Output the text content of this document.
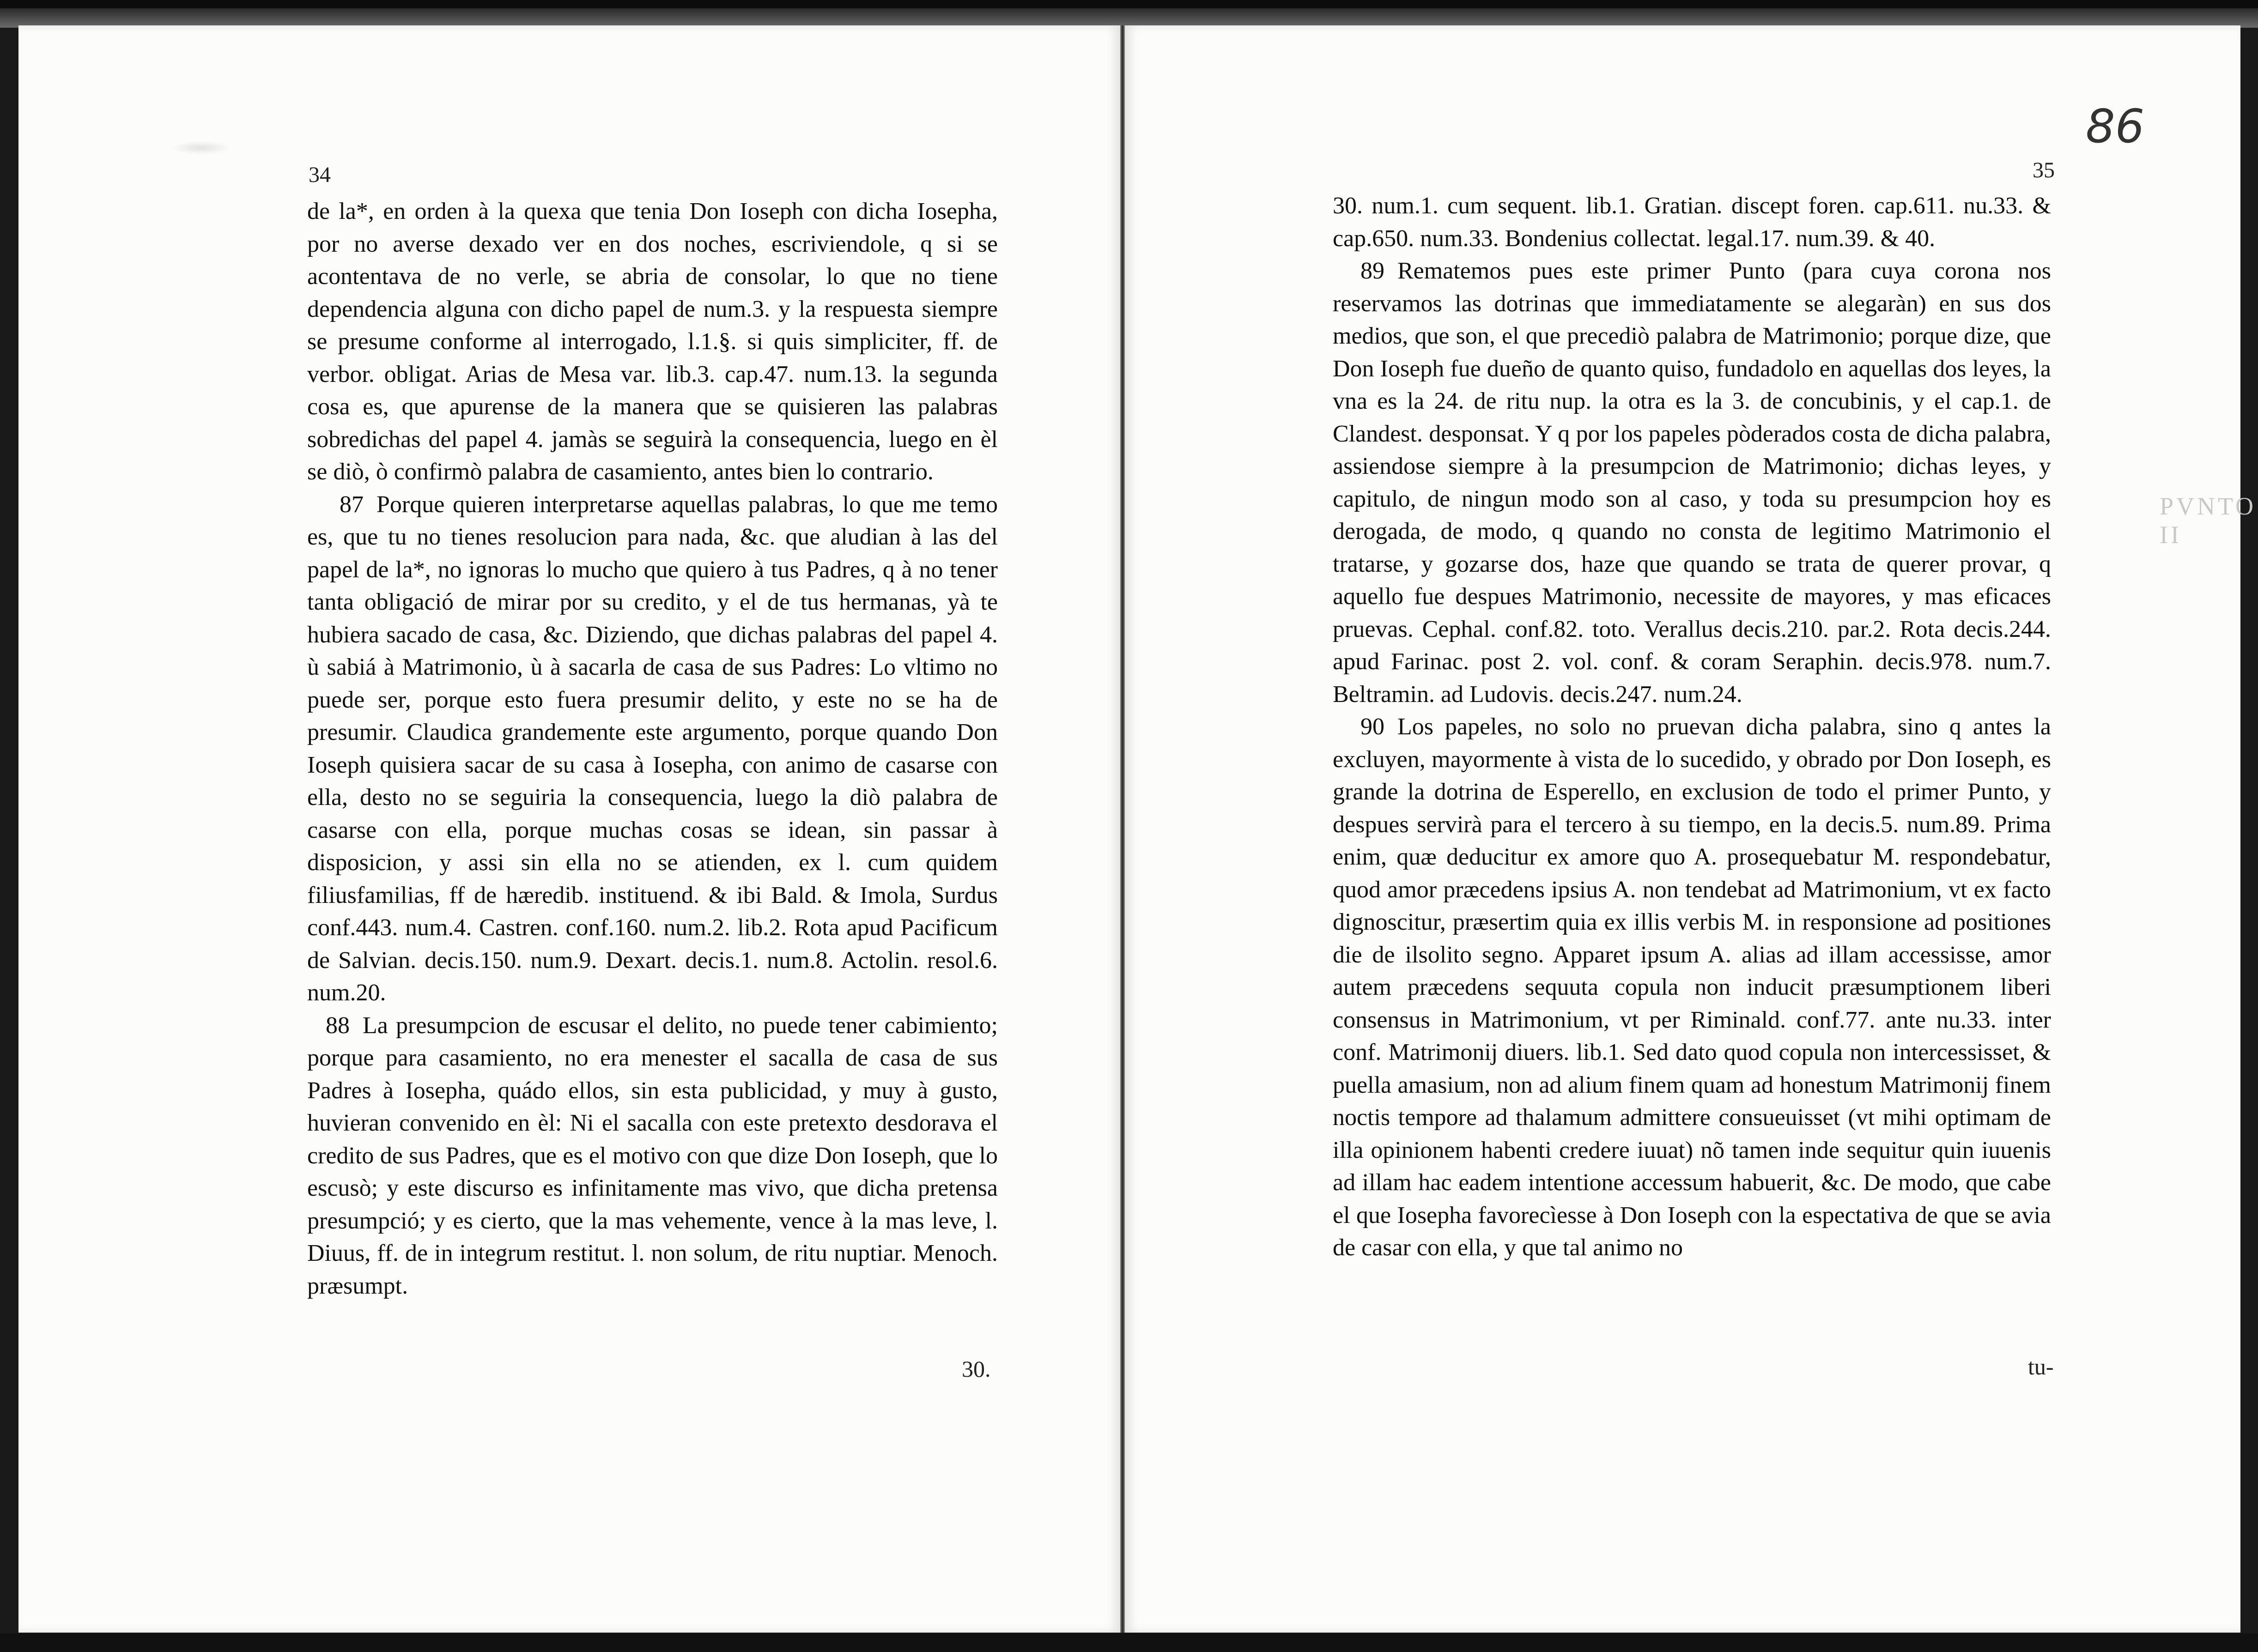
34

de la*, en orden à la quexa que tenia Don Ioseph con dicha Iosepha, por no averse dexado ver en dos noches, escriviendole, q si se acontentava de no verle, se abria de consolar, lo que no tiene dependencia alguna con dicho papel de num.3. y la respuesta siempre se presume conforme al interrogado, l.1.§. si quis simpliciter, ff. de verbor. obligat. Arias de Mesa var. lib.3. cap.47. num.13. la segunda cosa es, que apurense de la manera que se quisieren las palabras sobredichas del papel 4. jamàs se seguirà la consequencia, luego en èl se diò, ò confirmò palabra de casamiento, antes bien lo contrario.

87 Porque quieren interpretarse aquellas palabras, lo que me temo es, que tu no tienes resolucion para nada, &c. que aludian à las del papel de la*, no ignoras lo mucho que quiero à tus Padres, q à no tener tanta obligació de mirar por su credito, y el de tus hermanas, yà te hubiera sacado de casa, &c. Diziendo, que dichas palabras del papel 4. ù sabiá à Matrimonio, ù à sacarla de casa de sus Padres: Lo vltimo no puede ser, porque esto fuera presumir delito, y este no se ha de presumir. Claudica grandemente este argumento, porque quando Don Ioseph quisiera sacar de su casa à Iosepha, con animo de casarse con ella, desto no se seguiria la consequencia, luego la diò palabra de casarse con ella, porque muchas cosas se idean, sin passar à disposicion, y assi sin ella no se atienden, ex l. cum quidem filiusfamilias, ff de hæredib. instituend. & ibi Bald. & Imola, Surdus conf.443. num.4. Castren. conf.160. num.2. lib.2. Rota apud Pacificum de Salvian. decis.150. num.9. Dexart. decis.1. num.8. Actolin. resol.6. num.20.

88 La presumpcion de escusar el delito, no puede tener cabimiento; porque para casamiento, no era menester el sacalla de casa de sus Padres à Iosepha, quádo ellos, sin esta publicidad, y muy à gusto, huvieran convenido en èl: Ni el sacalla con este pretexto desdorava el credito de sus Padres, que es el motivo con que dize Don Ioseph, que lo escusò; y este discurso es infinitamente mas vivo, que dicha pretensa presumpció; y es cierto, que la mas vehemente, vence à la mas leve, l. Diuus, ff. de in integrum restitut. l. non solum, de ritu nuptiar. Menoch. præsumpt.

30.
35
86
PVNTO II

30. num.1. cum sequent. lib.1. Gratian. discept foren. cap.611. nu.33. & cap.650. num.33. Bondenius collectat. legal.17. num.39. & 40.

89 Rematemos pues este primer Punto (para cuya corona nos reservamos las dotrinas que immediatamente se alegaràn) en sus dos medios, que son, el que precediò palabra de Matrimonio; porque dize, que Don Ioseph fue dueño de quanto quiso, fundadolo en aquellas dos leyes, la vna es la 24. de ritu nup. la otra es la 3. de concubinis, y el cap.1. de Clandest. desponsat. Y q por los papeles pòderados costa de dicha palabra, assiendose siempre à la presumpcion de Matrimonio; dichas leyes, y capitulo, de ningun modo son al caso, y toda su presumpcion hoy es derogada, de modo, q quando no consta de legitimo Matrimonio el tratarse, y gozarse dos, haze que quando se trata de querer provar, q aquello fue despues Matrimonio, necessite de mayores, y mas eficaces pruevas. Cephal. conf.82. toto. Verallus decis.210. par.2. Rota decis.244. apud Farinac. post 2. vol. conf. & coram Seraphin. decis.978. num.7. Beltramin. ad Ludovis. decis.247. num.24.

90 Los papeles, no solo no pruevan dicha palabra, sino q antes la excluyen, mayormente à vista de lo sucedido, y obrado por Don Ioseph, es grande la dotrina de Esperello, en exclusion de todo el primer Punto, y despues servirà para el tercero à su tiempo, en la decis.5. num.89. Prima enim, quæ deducitur ex amore quo A. prosequebatur M. respondebatur, quod amor præcedens ipsius A. non tendebat ad Matrimonium, vt ex facto dignoscitur, præsertim quia ex illis verbis M. in responsione ad positiones die de ilsolito segno. Apparet ipsum A. alias ad illam accessisse, amor autem præcedens sequuta copula non inducit præsumptionem liberi consensus in Matrimonium, vt per Riminald. conf.77. ante nu.33. inter conf. Matrimonij diuers. lib.1. Sed dato quod copula non intercessisset, & puella amasium, non ad alium finem quam ad honestum Matrimonij finem noctis tempore ad thalamum admittere consueuisset (vt mihi optimam de illa opinionem habenti credere iuuat) nõ tamen inde sequitur quin iuuenis ad illam hac eadem intentione accessum habuerit, &c. De modo, que cabe el que Iosepha favorecìesse à Don Ioseph con la espectativa de que se avia de casar con ella, y que tal animo no

tu-
